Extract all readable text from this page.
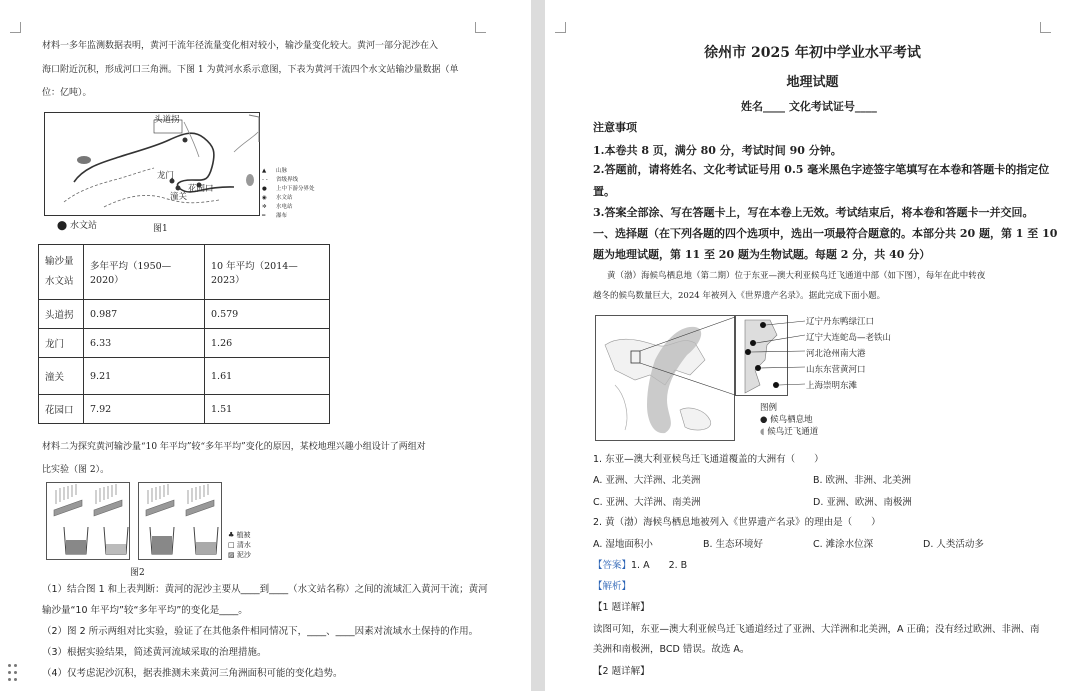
材料一多年监测数据表明，黄河干流年径流量变化相对较小，输沙量变化较大。黄河一部分泥沙在入
海口附近沉积，形成河口三角洲。下图 1 为黄河水系示意图，下表为黄河干流四个水文站输沙量数据（单
位：亿吨）。
头道拐
龙门
潼关
花园口
▲ 山脉
- - 省级界线
● 上中下游分界处
◉ 水文站
✲ 水电站
━ 瀑布
⬤ 水文站	图1
输沙量
水文站	多年平均（1950—2020）	10 年平均（2014—2023）
头道拐	0.987	0.579
龙门	6.33	1.26
潼关	9.21	1.61
花园口	7.92	1.51
材料二为探究黄河输沙量“10 年平均”较“多年平均”变化的原因，某校地理兴趣小组设计了两组对
比实验（图 2）。
♣ 植被
□ 清水
▨ 泥沙
图2
（1）结合图 1 和上表判断：黄河的泥沙主要从____到____（水文站名称）之间的流域汇入黄河干流；黄河
输沙量“10 年平均”较“多年平均”的变化是____。
（2）图 2 所示两组对比实验，验证了在其他条件相同情况下，____、____因素对流域水土保持的作用。
（3）根据实验结果，简述黄河流域采取的治理措施。
（4）仅考虑泥沙沉积，据表推测未来黄河三角洲面积可能的变化趋势。
徐州市 2025 年初中学业水平考试
地理试题
姓名____ 文化考试证号____
注意事项
1.本卷共 8 页，满分 80 分，考试时间 90 分钟。
2.答题前，请将姓名、文化考试证号用 0.5 毫米黑色字迹签字笔填写在本卷和答题卡的指定位
置。
3.答案全部涂、写在答题卡上，写在本卷上无效。考试结束后，将本卷和答题卡一并交回。
一、选择题（在下列各题的四个选项中，选出一项最符合题意的。本部分共 20 题，第 1 至 10
题为地理试题，第 11 至 20 题为生物试题。每题 2 分，共 40 分）
黄（渤）海候鸟栖息地（第二期）位于东亚—澳大利亚候鸟迁飞通道中部（如下图），每年在此中转夜
越冬的候鸟数量巨大，2024 年被列入《世界遗产名录》。据此完成下面小题。
辽宁丹东鸭绿江口
辽宁大连蛇岛—老铁山
河北沧州南大港
山东东营黄河口
上海崇明东滩
图例
● 候鸟栖息地
◖ 候鸟迁飞通道
1. 东亚—澳大利亚候鸟迁飞通道覆盖的大洲有（　　）
A. 亚洲、大洋洲、北美洲	B. 欧洲、非洲、北美洲
C. 亚洲、大洋洲、南美洲	D. 亚洲、欧洲、南极洲
2. 黄（渤）海候鸟栖息地被列入《世界遗产名录》的理由是（　　）
A. 湿地面积小	B. 生态环境好	C. 滩涂水位深	D. 人类活动多
【答案】1. A　　2. B
【解析】
【1 题详解】
读图可知，东亚—澳大利亚候鸟迁飞通道经过了亚洲、大洋洲和北美洲，A 正确；没有经过欧洲、非洲、南
美洲和南极洲，BCD 错误。故选 A。
【2 题详解】
